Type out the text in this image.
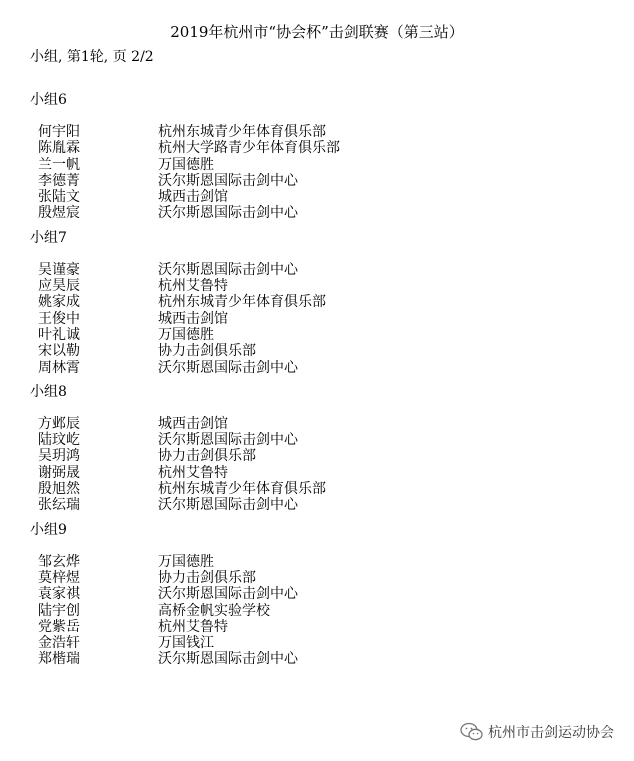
2019年杭州市“协会杯”击剑联赛（第三站）
小组, 第1轮, 页 2/2
小组6
何宇阳	杭州东城青少年体育俱乐部
陈胤霖	杭州大学路青少年体育俱乐部
兰一帆	万国德胜
李德菁	沃尔斯恩国际击剑中心
张陆文	城西击剑馆
殷煜宸	沃尔斯恩国际击剑中心
小组7
吴谨豪	沃尔斯恩国际击剑中心
应昊辰	杭州艾鲁特
姚家成	杭州东城青少年体育俱乐部
王俊中	城西击剑馆
叶礼诚	万国德胜
宋以勒	协力击剑俱乐部
周林霄	沃尔斯恩国际击剑中心
小组8
方邺辰	城西击剑馆
陆玟屹	沃尔斯恩国际击剑中心
吴玥鸿	协力击剑俱乐部
谢弼晟	杭州艾鲁特
殷旭然	杭州东城青少年体育俱乐部
张纭瑞	沃尔斯恩国际击剑中心
小组9
邹玄烨	万国德胜
莫梓煜	协力击剑俱乐部
袁家祺	沃尔斯恩国际击剑中心
陆宇创	高桥金帆实验学校
党紫岳	杭州艾鲁特
金浩轩	万国钱江
郑楷瑞	沃尔斯恩国际击剑中心
杭州市击剑运动协会
